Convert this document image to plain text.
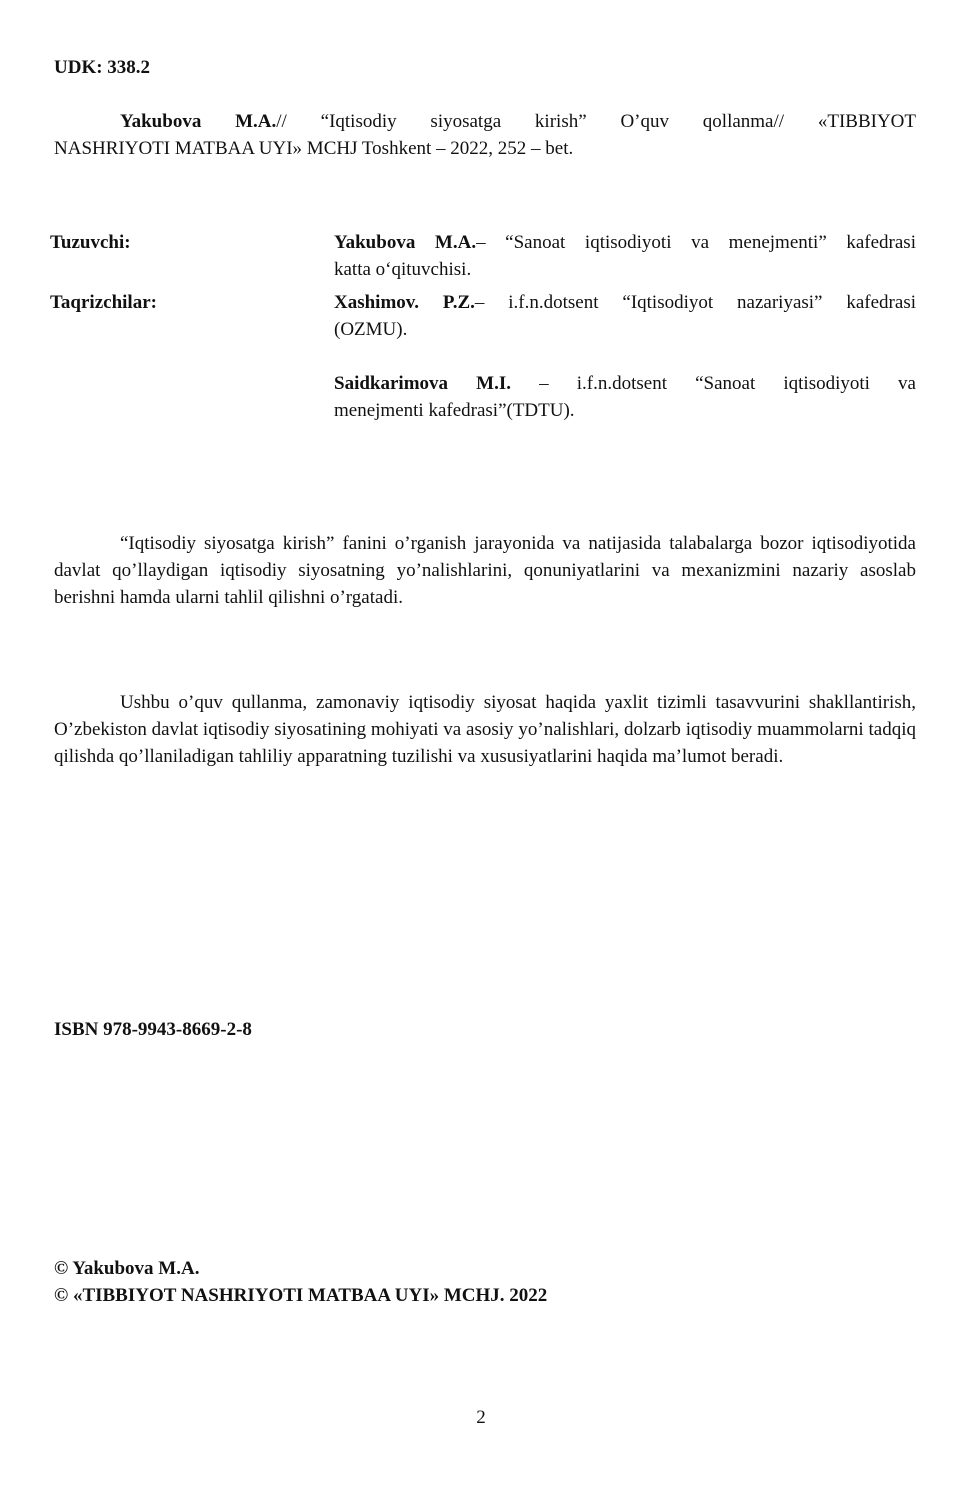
UDK: 338.2
Yakubova M.A.// “Iqtisodiy siyosatga kirish” O’quv qollanma// «TIBBIYOT
NASHRIYOTI MATBAA UYI» MCHJ Toshkent – 2022, 252 – bet.
Tuzuvchi:	Yakubova M.A.– “Sanoat iqtisodiyoti va menejmenti” kafedrasi
katta o‘qituvchisi.
Taqrizchilar:	Xashimov. P.Z.– i.f.n.dotsent “Iqtisodiyot nazariyasi” kafedrasi
(OZMU).
Saidkarimova M.I. – i.f.n.dotsent “Sanoat iqtisodiyoti va
menejmenti kafedrasi”(TDTU).
“Iqtisodiy siyosatga kirish” fanini o’rganish jarayonida va natijasida talabalarga bozor iqtisodiyotida davlat qo’llaydigan iqtisodiy siyosatning yo’nalishlarini, qonuniyatlarini va mexanizmini nazariy asoslab berishni hamda ularni tahlil qilishni o’rgatadi.
Ushbu o’quv qullanma, zamonaviy iqtisodiy siyosat haqida yaxlit tizimli tasavvurini shakllantirish, O’zbekiston davlat iqtisodiy siyosatining mohiyati va asosiy yo’nalishlari, dolzarb iqtisodiy muammolarni tadqiq qilishda qo’llaniladigan tahliliy apparatning tuzilishi va xususiyatlarini haqida ma’lumot beradi.
ISBN 978-9943-8669-2-8
© Yakubova M.A.
© «TIBBIYOT NASHRIYOTI MATBAA UYI» MCHJ. 2022
2
